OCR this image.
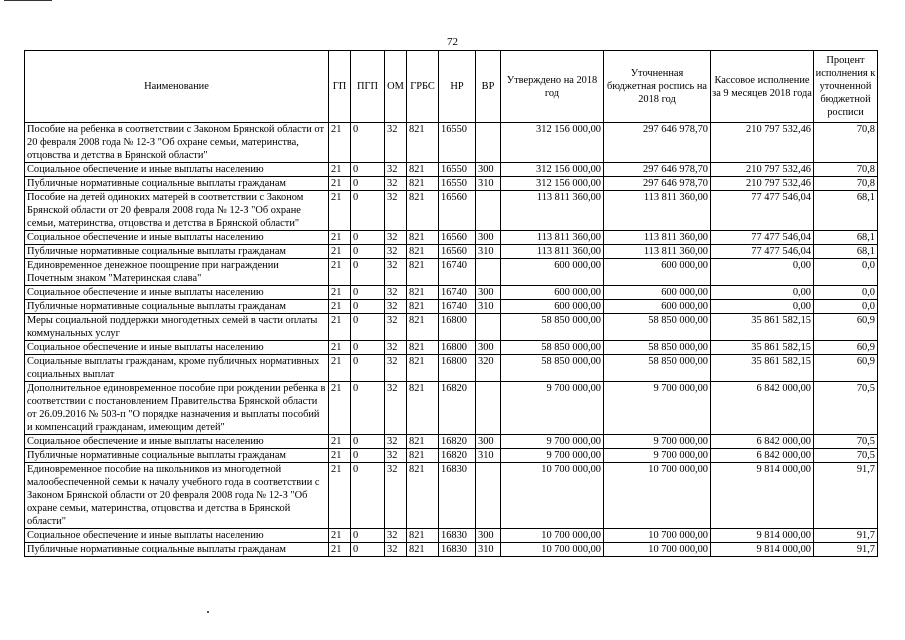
72
Наименование	ГП	ПГП	ОМ	ГРБС	НР	ВР	Утверждено на 2018 год	Уточненная бюджетная роспись на 2018 год	Кассовое исполнение за 9 месяцев 2018 года	Процент исполнения к уточненной бюджетной росписи
Пособие на ребенка в соответствии с Законом Брянской области от 20 февраля 2008 года № 12-З "Об охране семьи, материнства, отцовства и детства в Брянской области"	21	0	32	821	16550		312 156 000,00	297 646 978,70	210 797 532,46	70,8
Социальное обеспечение и иные выплаты населению	21	0	32	821	16550	300	312 156 000,00	297 646 978,70	210 797 532,46	70,8
Публичные нормативные социальные выплаты гражданам	21	0	32	821	16550	310	312 156 000,00	297 646 978,70	210 797 532,46	70,8
Пособие на детей одиноких матерей в соответствии с Законом Брянской области от 20 февраля 2008 года № 12-З "Об охране семьи, материнства, отцовства и детства в Брянской области"	21	0	32	821	16560		113 811 360,00	113 811 360,00	77 477 546,04	68,1
Социальное обеспечение и иные выплаты населению	21	0	32	821	16560	300	113 811 360,00	113 811 360,00	77 477 546,04	68,1
Публичные нормативные социальные выплаты гражданам	21	0	32	821	16560	310	113 811 360,00	113 811 360,00	77 477 546,04	68,1
Единовременное денежное поощрение при награждении Почетным знаком "Материнская слава"	21	0	32	821	16740		600 000,00	600 000,00	0,00	0,0
Социальное обеспечение и иные выплаты населению	21	0	32	821	16740	300	600 000,00	600 000,00	0,00	0,0
Публичные нормативные социальные выплаты гражданам	21	0	32	821	16740	310	600 000,00	600 000,00	0,00	0,0
Меры социальной поддержки многодетных семей в части оплаты коммунальных услуг	21	0	32	821	16800		58 850 000,00	58 850 000,00	35 861 582,15	60,9
Социальное обеспечение и иные выплаты населению	21	0	32	821	16800	300	58 850 000,00	58 850 000,00	35 861 582,15	60,9
Социальные выплаты гражданам, кроме публичных нормативных социальных выплат	21	0	32	821	16800	320	58 850 000,00	58 850 000,00	35 861 582,15	60,9
Дополнительное единовременное пособие при рождении ребенка в соответствии с постановлением Правительства Брянской области от 26.09.2016 № 503-п "О порядке назначения и выплаты пособий и компенсаций гражданам, имеющим детей"	21	0	32	821	16820		9 700 000,00	9 700 000,00	6 842 000,00	70,5
Социальное обеспечение и иные выплаты населению	21	0	32	821	16820	300	9 700 000,00	9 700 000,00	6 842 000,00	70,5
Публичные нормативные социальные выплаты гражданам	21	0	32	821	16820	310	9 700 000,00	9 700 000,00	6 842 000,00	70,5
Единовременное пособие на школьников из многодетной малообеспеченной семьи к началу учебного года в соответствии с Законом Брянской области от 20 февраля 2008 года № 12-З "Об охране семьи, материнства, отцовства и детства в Брянской области"	21	0	32	821	16830		10 700 000,00	10 700 000,00	9 814 000,00	91,7
Социальное обеспечение и иные выплаты населению	21	0	32	821	16830	300	10 700 000,00	10 700 000,00	9 814 000,00	91,7
Публичные нормативные социальные выплаты гражданам	21	0	32	821	16830	310	10 700 000,00	10 700 000,00	9 814 000,00	91,7
